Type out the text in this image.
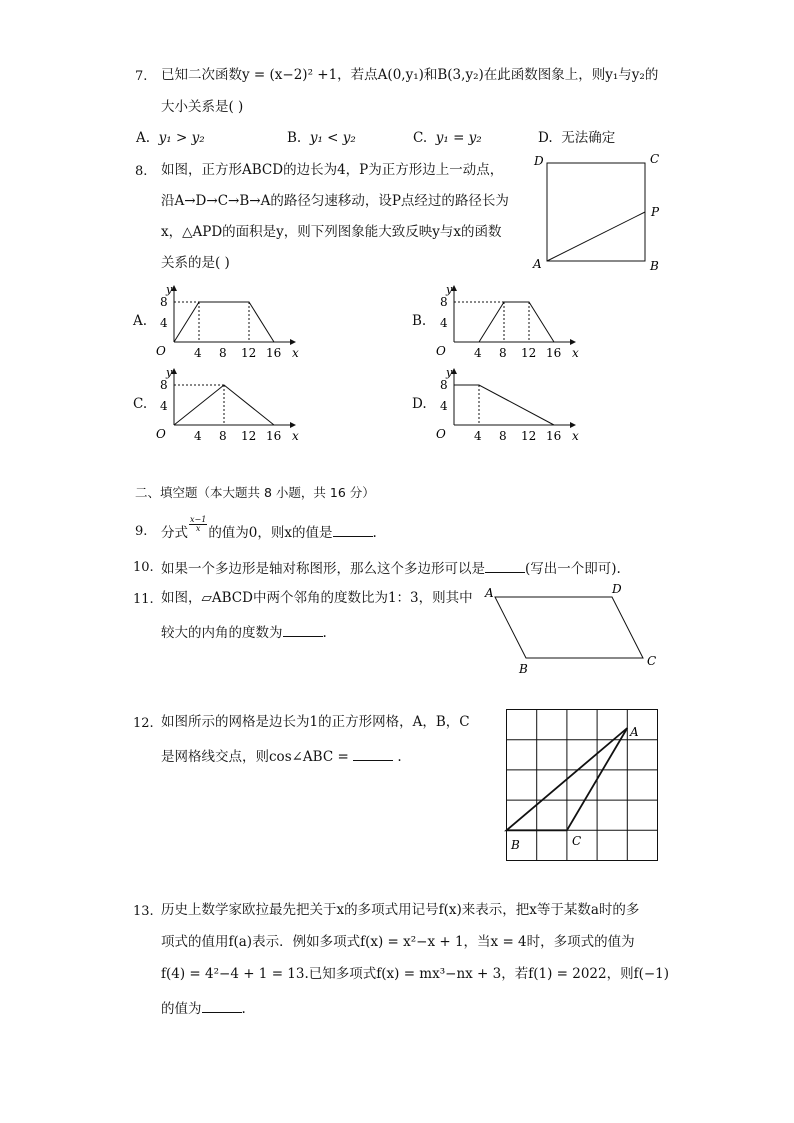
7. 已知二次函数y = (x−2)² +1，若点A(0,y₁)和B(3,y₂)在此函数图象上，则y₁与y₂的
大小关系是( )
A. y₁ > y₂	B. y₁ < y₂	C. y₁ = y₂	D. 无法确定
8. 如图，正方形ABCD的边长为4，P为正方形边上一动点，
沿A→D→C→B→A的路径匀速移动，设P点经过的路径长为
x，△APD的面积是y，则下列图象能大致反映y与x的函数
关系的是( )
D	C
P
A	B
A.
y
8
4
O 4 8 12 16 x
B.
y
8
4
O 4 8 12 16 x
C.
y
8
4
O 4 8 12 16 x
D.
y
8
4
O 4 8 12 16 x
二、填空题（本大题共 8 小题，共 16 分）
9. 分式 $\frac{x-1}{x}$ 的值为0，则x的值是	.
10. 如果一个多边形是轴对称图形，那么这个多边形可以是	(写出一个即可).
11. 如图，▱ABCD中两个邻角的度数比为1：3，则其中
较大的内角的度数为	.
A	D
B
C
12. 如图所示的网格是边长为1的正方形网格，A，B，C
是网格线交点，则cos∠ABC =	.
A
B	C
13. 历史上数学家欧拉最先把关于x的多项式用记号f(x)来表示，把x等于某数a时的多
项式的值用f(a)表示．例如多项式f(x) = x²−x + 1，当x = 4时，多项式的值为
f(4) = 4²−4 + 1 = 13.已知多项式f(x) = mx³−nx + 3，若f(1) = 2022，则f(−1)
的值为	.
